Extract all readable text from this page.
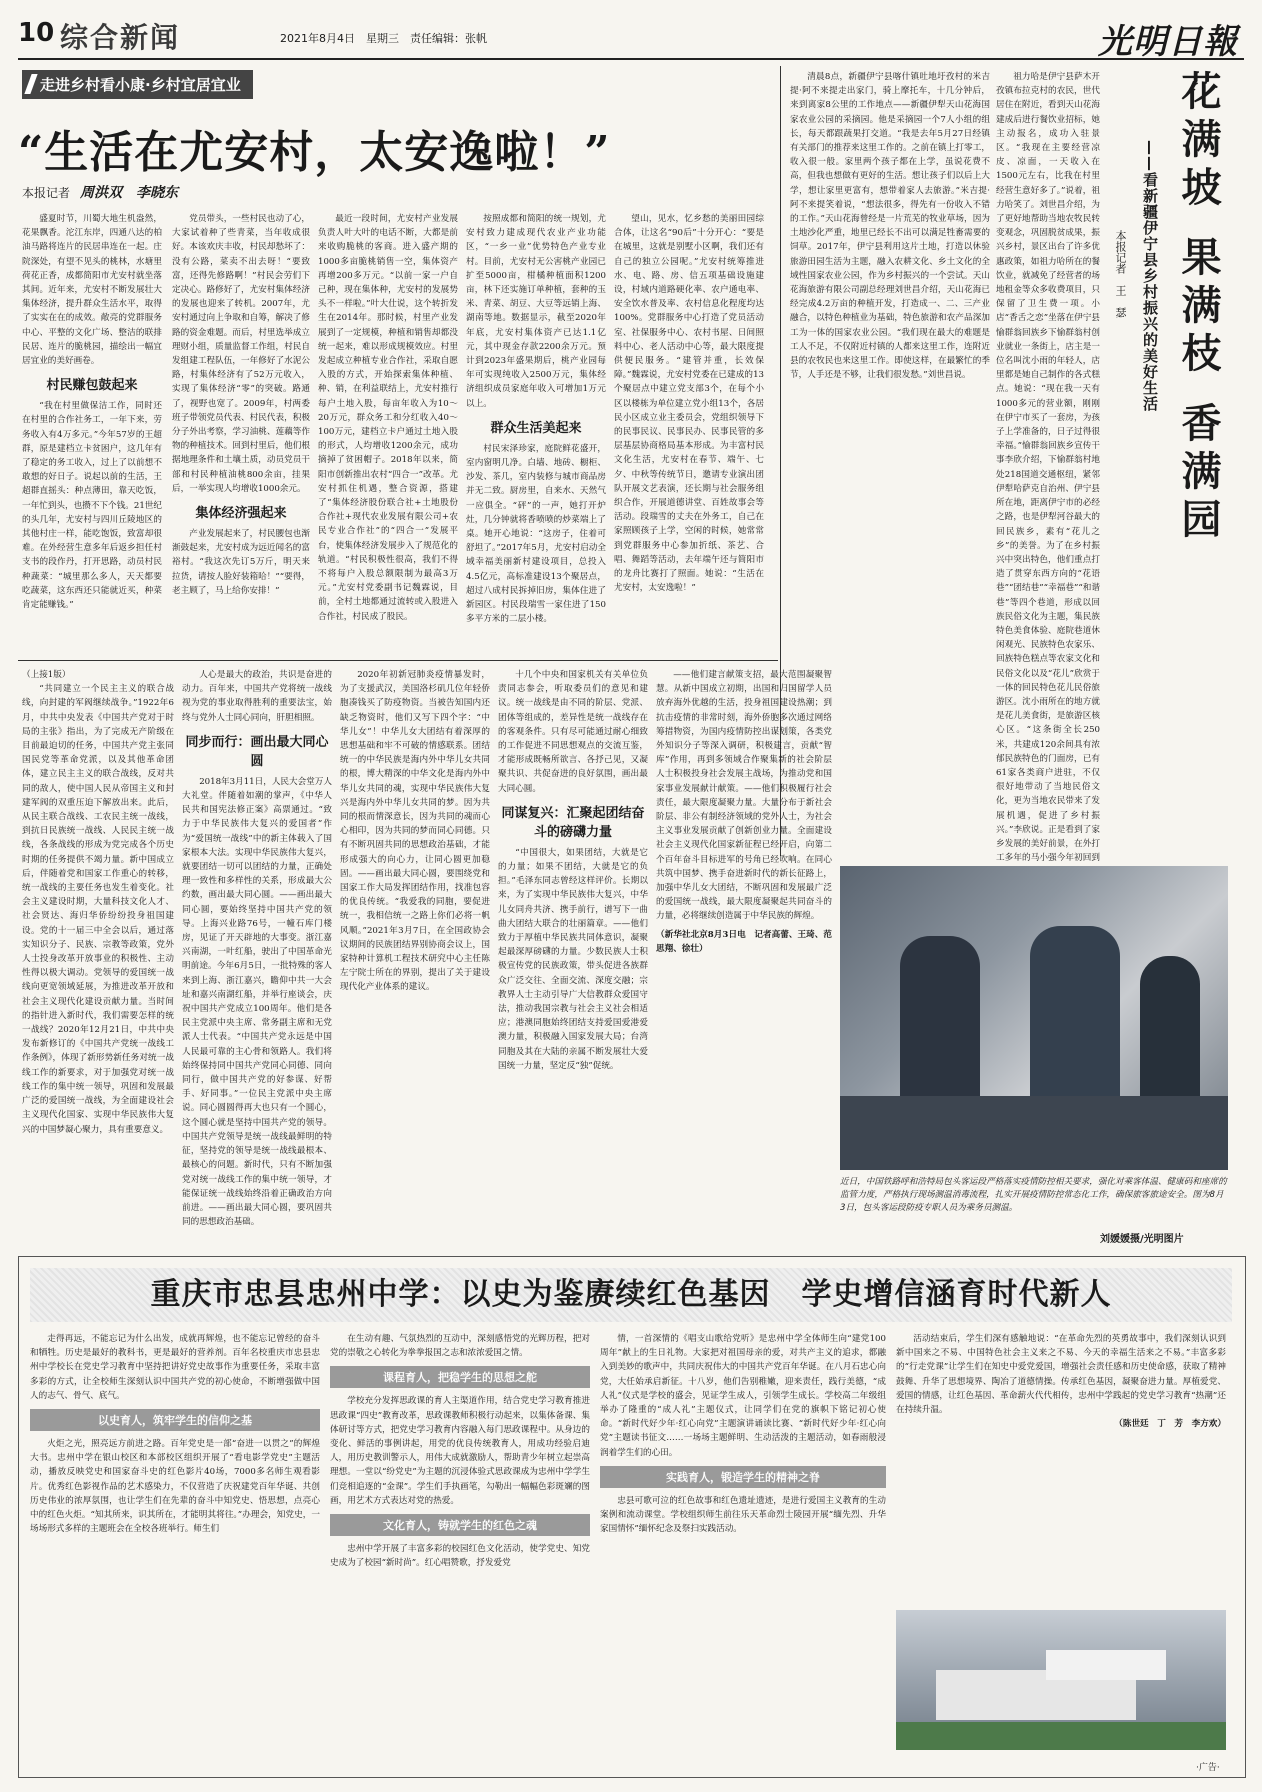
10 综合新闻	2021年8月4日　星期三　责任编辑：张帆	光明日報
走进乡村看小康·乡村宜居宜业
“生活在尤安村，太安逸啦！”
本报记者 周洪双　李晓东

盛夏时节，川蜀大地生机盎然，花果飘香。沱江东岸，四通八达的柏油马路将连片的民居串连在一起。庄院深处，有望不见头的桃林，水塘里荷花正香，成都简阳市尤安村就坐落其间。近年来，尤安村不断发展壮大集体经济，提升群众生活水平，取得了实实在在的成效。敞亮的党群服务中心、平整的文化广场、整洁的联排民居、连片的脆桃园，描绘出一幅宜居宜业的美好画卷。

村民赚包鼓起来

“我在村里做保洁工作，同时还在村里的合作社务工，一年下来，劳务收入有4万多元。”今年57岁的王超群，原是建档立卡贫困户，这几年有了稳定的务工收入，过上了以前想不敢想的好日子。说起以前的生活，王超群直摇头：种点薄田，靠天吃饭，一年忙到头，也攒不下个钱。21世纪的头几年，尤安村与四川丘陵地区的其他村庄一样，能吃饱饭，致富却很难。在外经营生意多年后返乡担任村支书的段作丹，打开思路，动员村民种蔬菜：“城里那么多人，天天都要吃蔬菜，这东西还只能就近买，种菜肯定能赚钱。”

党员带头，一些村民也动了心，大家试着种了些青菜，当年收成很好。本该欢庆丰收，村民却愁坏了：没有公路，菜卖不出去呀！“要致富，还得先修路啊！”村民会劳们下定决心。路修好了，尤安村集体经济的发展也迎来了转机。2007年，尤安村通过向上争取和自筹，解决了修路的资金难题。而后，村里选举成立理财小组，质量监督工作组，村民自发组建工程队伍，一年修好了水泥公路，村集体经济有了52万元收入，实现了集体经济“零”的突破。路通了，视野也宽了。2009年，村两委班子带领党员代表、村民代表，积极分子外出考察，学习油桃、莲藕等作物的种植技术。回到村里后，他们根据地理条件和土壤土质，动员党员干部和村民种植油桃800余亩，挂果后，一举实现人均增收1000余元。

集体经济强起来

产业发展起来了，村民腰包也渐渐鼓起来，尤安村成为远近闻名的富裕村。“我这次先订5万斤，明天来拉货，请按人脸好装箱哈！”“要得，老主顾了，马上给你安排！”

最近一段时间，尤安村产业发展负责人叶大叶的电话不断，大都是前来收购脆桃的客商。进入盛产期的1000多亩脆桃销售一空，集体资产再增200多万元。“以前一家一户自己种，现在集体种，尤安村的发展势头不一样啦。”叶大仕说，这个转折发生在2014年。那时候，村里产业发展到了一定规模，种植和销售却都没统一起来，难以形成规模效应。村里发起成立种植专业合作社，采取自愿入股的方式，开始探索集体种植、种、销，在利益联结上，尤安村推行每户土地入股，每亩年收入为10～20万元，群众务工和分红收入40～100万元，建档立卡户通过土地入股的形式，人均增收1200余元，成功摘掉了贫困帽子。2018年以来，简阳市创新推出农村“四合一”改革。尤安村抓住机遇，整合资源，搭建了“集体经济股份联合社+土地股份合作社+现代农业发展有限公司+农民专业合作社”的“四合一”发展平台，使集体经济发展步入了规范化的轨道。“村民积极性很高，我们不得不将每户入股总额限制为最高3万元。”尤安村党委副书记魏霖说，目前，全村土地都通过流转或入股进入合作社，村民成了股民。

按照成都和简阳的统一规划，尤安村致力建成现代农业产业功能区，“一乡一业”优势特色产业专业村。目前，尤安村无公害桃产业园已扩至5000亩，柑橘种植面积1200亩，林下还实施订单种植，套种的玉米、青菜、胡豆、大豆等远销上海、湖南等地。数据显示，截至2020年年底，尤安村集体资产已达1.1亿元，其中现金存款2200余万元。预计到2023年盛果期后，桃产业园每年可实现纯收入2500万元，集体经济组织成员家庭年收入可增加1万元以上。

群众生活美起来

村民宋泽珍家，庭院鲜花盛开，室内窗明几净。白墙、地砖、橱柜、沙发、茶几，室内装修与城市商品房并无二致。厨房里，自来水、天然气一应俱全。“砰”的一声，她打开炉灶，几分钟就将香喷喷的炒菜端上了桌。她开心地说：“这房子，住着可舒坦了。”2017年5月，尤安村启动全域幸福美丽新村建设项目，总投入4.5亿元，高标准建设13个聚居点，超过八成村民拆掉旧房，集体住进了新园区。村民段瑞雪一家住进了150多平方米的二层小楼。

望山，见水，忆乡愁的美丽田园综合体，让这名“90后”十分开心：“要是在城里，这就是别墅小区啊，我们还有自己的独立公园呢。”尤安村统筹推进水、电、路、房、信五项基础设施建设，村域内道路硬化率、农户通电率、安全饮水普及率、农村信息化程度均达100%。党群服务中心打造了党员活动室、社保服务中心、农村书屋、日间照料中心、老人活动中心等，最大限度提供便民服务。“建管并重，长效保障。”魏霖说，尤安村党委在已建成的13个聚居点中建立党支部3个，在每个小区以楼栋为单位建立党小组13个，各居民小区成立业主委员会，党组织领导下的民事民议、民事民办、民事民管的多层基层协商格局基本形成。为丰富村民文化生活，尤安村在春节、端午、七夕、中秋等传统节日，邀请专业演出团队开展文艺表演，还长期与社会服务组织合作，开展道德讲堂、百姓故事会等活动。段瑞雪的丈夫在外务工，自己在家照顾孩子上学，空闲的时候，她常常到党群服务中心参加折纸、茶艺、合唱、舞蹈等活动，去年端午还与简阳市的龙舟比赛打了照面。她说：“生活在尤安村，太安逸啦！”

清晨8点，新疆伊宁县喀什镇吐地圩孜村的米吉提·阿不来提走出家门，骑上摩托车，十几分钟后，来到离家8公里的工作地点——新疆伊犁天山花海国家农业公园的采摘园。他是采摘园一个7人小组的组长，每天都跟蔬果打交道。“我是去年5月27日经镇有关部门的推荐来这里工作的。之前在镇上打零工，收入很一般。家里两个孩子都在上学，虽说花费不高，但我也想做有更好的生活。想让孩子们以后上大学，想让家里更富有，想带着家人去旅游。”米吉提·阿不来提笑着说，“想法很多，得先有一份收入不错的工作。”天山花海曾经是一片荒芜的牧业草场，因为土地沙化严重，地里已经长不出可以满足牲畜需要的饲草。2017年，伊宁县利用这片土地，打造以休验旅游田园生活为主题，融入农耕文化、乡土文化的全域性国家农业公园，作为乡村振兴的一个尝试。天山花海旅游有限公司副总经理刘世昌介绍，天山花海已经完成4.2万亩的种植开发，打造成一、二、三产业融合，以特色种植业为基础，特色旅游和农产品深加工为一体的国家农业公园。“我们现在最大的难题是工人不足，不仅附近村镇的人都来这里工作，连附近县的农牧民也来这里工作。即使这样，在最繁忙的季节，人手还是不够，让我们很发愁。”刘世昌说。

花满坡
果满枝
香满园
——看新疆伊宁县乡村振兴的美好生活
本报记者　王　瑟

祖力哈是伊宁县萨木开孜镇布拉克村的农民，世代居住在附近，看到天山花海建成后进行餐饮业招标，她主动报名，成功入驻景区。“我现在主要经营凉皮、凉面，一天收入在1500元左右，比我在村里经营生意好多了。”说着，祖力哈笑了。刘世昌介绍，为了更好地帮助当地农牧民转变观念，巩固脱贫成果，振兴乡村，景区出台了许多优惠政策，如祖力哈所在的餐饮业，就减免了经营者的场地租金等众多收费项目，只保留了卫生费一项。小店“香舌之恋”坐落在伊宁县愉群翁回族乡下愉群翁村创业就业一条街上，店主是一位名叫沈小雨的年轻人，店里都是她自己制作的各式糕点。她说：“现在我一天有1000多元的营业额，刚刚在伊宁市买了一套房，为孩子上学准备的，日子过得很幸福。”愉群翁回族乡宣传干事李欣介绍，下愉群翁村地处218国道交通枢纽，紧邻伊犁哈萨克自治州、伊宁县所在地，距离伊宁市的必经之路，也是伊犁河谷最大的回民族乡，素有“花儿之乡”的美誉。为了在乡村振兴中突出特色，他们重点打造了贯穿东西方向的“花语巷”“团结巷”“幸福巷”“和谐巷”等四个巷道，形成以回族民俗文化为主题，集民族特色美食体验、庭院巷道休闲观光、民族特色农家乐、回族特色糕点等农家文化和民俗文化以及“花儿”欣赏于一体的回民特色花儿民俗旅游区。沈小雨所在的地方就是花儿美食街，是旅游区核心区。“这条街全长250米，共建成120余间具有浓郁民族特色的门面房，已有61家各类商户进驻，不仅很好地带动了当地民俗文化，更为当地农民带来了发展机遇，促进了乡村振兴。”李欣说。正是看到了家乡发展的美好前景，在外打工多年的马小强今年初回到

近日，中国铁路呼和浩特局包头客运段严格落实疫情防控相关要求，强化对乘客体温、健康码和座席的监管力度，严格执行现场测温消毒流程，扎实开展疫情防控常态化工作，确保旅客旅途安全。图为8月3日，包头客运段防疫专职人员为乘务员测温。
刘媛媛摄/光明图片
（上接1版）

“共同建立一个民主主义的联合战线，向封建的军阀继续战争。”1922年6月，中共中央发表《中国共产党对于时局的主张》指出，为了完成无产阶级在目前最迫切的任务，中国共产党主张同国民党等革命党派，以及其他革命团体，建立民主主义的联合战线，反对共同的敌人，使中国人民从帝国主义和封建军阀的双重压迫下解放出来。此后，从民主联合战线、工农民主统一战线，到抗日民族统一战线、人民民主统一战线，各条战线的形成为党完成各个历史时期的任务提供不竭力量。新中国成立后，伴随着党和国家工作重心的转移，统一战线的主要任务也发生着变化。社会主义建设时期，大量科技文化人才、社会贤达、海归华侨纷纷投身祖国建设。党的十一届三中全会以后，通过落实知识分子、民族、宗教等政策，党外人士投身改革开放事业的积极性、主动性得以极大调动。党领导的爱国统一战线向更宽领域延展，为推进改革开放和社会主义现代化建设贡献力量。当时间的指针进入新时代，我们需要怎样的统一战线？2020年12月21日，中共中央发布新修订的《中国共产党统一战线工作条例》，体现了新形势新任务对统一战线工作的新要求，对于加强党对统一战线工作的集中统一领导，巩固和发展最广泛的爱国统一战线，为全面建设社会主义现代化国家、实现中华民族伟大复兴的中国梦凝心聚力，具有重要意义。

人心是最大的政治，共识是奋进的动力。百年来，中国共产党将统一战线视为党的事业取得胜利的重要法宝，始终与党外人士同心同向，肝胆相照。

同步而行：画出最大同心圆

2018年3月11日，人民大会堂万人大礼堂。伴随着如潮的掌声，《中华人民共和国宪法修正案》高票通过。“致力于中华民族伟大复兴的爱国者”作为“爱国统一战线”中的新主体载入了国家根本大法。实现中华民族伟大复兴，就要团结一切可以团结的力量，正确处理一致性和多样性的关系，形成最大公约数，画出最大同心圆。——画出最大同心圆，要始终坚持中国共产党的领导。上海兴业路76号，一幢石库门楼房，见证了开天辟地的大事变。浙江嘉兴南湖，一叶红船，驶出了中国革命光明前途。今年6月5日，一批特殊的客人来到上海、浙江嘉兴，瞻仰中共一大会址和嘉兴南湖红船，并举行座谈会，庆祝中国共产党成立100周年。他们是各民主党派中央主席、常务副主席和无党派人士代表。“中国共产党永远是中国人民最可靠的主心骨和领路人。我们将始终保持同中国共产党同心同德、同向同行，做中国共产党的好参谋、好帮手、好同事。”一位民主党派中央主席说。同心圆圆得再大也只有一个圆心，这个圆心就是坚持中国共产党的领导。中国共产党领导是统一战线最鲜明的特征，坚持党的领导是统一战线最根本、最核心的问题。新时代，只有不断加强党对统一战线工作的集中统一领导，才能保证统一战线始终沿着正确政治方向前进。——画出最大同心圆，要巩固共同的思想政治基础。

2020年初新冠肺炎疫情暴发时，为了支援武汉，美国洛杉矶几位年轻侨胞凑钱买了防疫物资。当被告知国内还缺乏物资时，他们又写下四个字：“中华儿女”！中华儿女大团结有着深厚的思想基础和牢不可破的情感联系。团结统一的中华民族是海内外中华儿女共同的根，博大精深的中华文化是海内外中华儿女共同的魂，实现中华民族伟大复兴是海内外中华儿女共同的梦。因为共同的根而情深意长，因为共同的魂而心心相印，因为共同的梦而同心同德。只有不断巩固共同的思想政治基础，才能形成强大的向心力，让同心圆更加稳固。——画出最大同心圆，要围绕党和国家工作大局发挥团结作用，找准包容的优良传统。“我爱我的同胞，要促进统一，我相信统一之路上你们必将一帆风顺。”2021年3月7日，在全国政协会议期间的民族团结界别协商会议上，国家特种计算机工程技术研究中心主任陈左宁院士所在的界别，提出了关于建设现代化产业体系的建议。

十几个中央和国家机关有关单位负责同志参会，听取委员们的意见和建议。统一战线是由不同的阶层、党派、团体等组成的，差异性是统一战线存在的客观条件。只有尽可能通过耐心细致的工作促进不同思想观点的交流互鉴，才能形成既畅所欲言、各抒己见，又凝聚共识、共促奋进的良好氛围，画出最大同心圆。

同谋复兴：汇聚起团结奋斗的磅礴力量

“中国很大，如果团结，大就是它的力量；如果不团结，大就是它的负担。”毛泽东同志曾经这样评价。长期以来，为了实现中华民族伟大复兴，中华儿女同舟共济、携手前行，谱写下一曲曲大团结大联合的壮丽篇章。——他们致力于厚植中华民族共同体意识，凝聚起最深厚磅礴的力量。少数民族人士积极宣传党的民族政策，带头促进各族群众广泛交往、全面交流、深度交融；宗教界人士主动引导广大信教群众爱国守法，推动我国宗教与社会主义社会相适应；港澳同胞始终团结支持爱国爱港爱澳力量，积极融入国家发展大局；台湾同胞及其在大陆的亲属不断发展壮大爱国统一力量，坚定反“独”促统。

——他们建言献策支招，最大范围凝聚智慧。从新中国成立初期，出国和归国留学人员放弃海外优越的生活，投身祖国建设热潮；到抗击疫情的非常时刻，海外侨胞多次通过网络筹措物资，为国内疫情防控出谋划策，各类党外知识分子等深入调研，积极建言，贡献“智库”作用，再到多领域合作聚集新的社会阶层人士积极投身社会发展主战场，为推动党和国家事业发展献计献策。——他们积极履行社会责任，最大限度凝聚力量。大量分布于新社会阶层、非公有制经济领域的党外人士，为社会主义事业发展贡献了创新创业力量。全面建设社会主义现代化国家新征程已经开启，向第二个百年奋斗目标进军的号角已经吹响。在同心共筑中国梦、携手奋进新时代的新长征路上，加强中华儿女大团结，不断巩固和发展最广泛的爱国统一战线，最大限度凝聚起共同奋斗的力量，必将继续创造属于中华民族的辉煌。

（新华社北京8月3日电　记者高蕾、王琦、范思翔、徐壮）
重庆市忠县忠州中学：以史为鉴赓续红色基因　学史增信涵育时代新人

走得再远，不能忘记为什么出发，成就再辉煌，也不能忘记曾经的奋斗和牺牲。历史是最好的教科书，更是最好的营养剂。百年名校重庆市忠县忠州中学校长在党史学习教育中坚持把讲好党史故事作为重要任务，采取丰富多彩的方式，让全校师生深刻认识中国共产党的初心使命，不断增强做中国人的志气、骨气、底气。

以史育人，筑牢学生的信仰之基

火炬之光，照亮远方前进之路。百年党史是一部“奋进一以贯之”的辉煌大书。忠州中学在银山校区和本部校区组织开展了“看电影学党史”主题活动，播放反映党史和国家奋斗史的红色影片40场，7000多名师生观看影片。优秀红色影视作品的艺术感染力，不仅营造了庆祝建党百年华诞、共创历史伟业的浓厚氛围，也让学生们在先辈的奋斗中知党史、悟思想，点亮心中的红色火炬。“知其所来，识其所在，才能明其将往。”办理会，知党史，一场场形式多样的主题班会在全校各班举行。师生们

在生动有趣、气氛热烈的互动中，深刻感悟党的光辉历程，把对党的崇敬之心转化为拳拳报国之志和浓浓爱国之情。

课程育人，把稳学生的思想之舵

学校充分发挥思政课的育人主渠道作用，结合党史学习教育推进思政课“四史”教育改革，思政课教师积极行动起来，以集体备课、集体研讨等方式，把党史学习教育内容融入每门思政课程中。从身边的变化、鲜活的事例讲起，用党的优良传统教育人，用成功经验启迪人，用历史教训警示人，用伟大成就激励人，帮助青少年树立起崇高理想。一堂以“纷党史”为主题的沉浸体验式思政课成为忠州中学学生们竞相追逐的“金课”。学生们手执画笔，勾勒出一幅幅色彩斑斓的图画，用艺术方式表达对党的热爱。

文化育人，铸就学生的红色之魂

忠州中学开展了丰富多彩的校园红色文化活动，使学党史、知党史成为了校园“新时尚”。红心唱赞歌，抒发爱党

情，一首深情的《唱支山歌给党听》是忠州中学全体师生向“建党100周年”献上的生日礼物。大家把对祖国母亲的爱，对共产主义的追求，都融入到美妙的歌声中，共同庆祝伟大的中国共产党百年华诞。在八月石忠心向党，大任始承启新征。十八岁，他们告别稚嫩，迎来责任，践行美德，“成人礼”仪式是学校的盛会，见证学生成人，引领学生成长。学校高二年级组举办了隆重的“成人礼”主题仪式，让同学们在党的旗帜下铭记初心使命。“新时代好少年·红心向党”主题演讲诵读比赛、“新时代好少年·红心向党”主题读书征文……一场场主题鲜明、生动活泼的主题活动，如春雨般浸润着学生们的心田。

实践育人，锻造学生的精神之脊

忠县可歌可泣的红色故事和红色遗址遗迹，是进行爱国主义教育的生动案例和流动课堂。学校组织师生前往乐天革命烈士陵园开展“缅先烈、升华家国情怀”缅怀纪念及祭扫实践活动。

活动结束后，学生们深有感触地说：“在革命先烈的英勇故事中，我们深刻认识到新中国来之不易、中国特色社会主义来之不易、今天的幸福生活来之不易。”丰富多彩的“行走党课”让学生们在知史中爱党爱国，增强社会责任感和历史使命感，获取了精神鼓舞、升华了思想境界、陶冶了道德情操。传承红色基因，凝聚奋进力量。厚植爱党、爱国的情感，让红色基因、革命薪火代代相传，忠州中学践起的党史学习教育“热潮”还在持续升温。

（陈世廷　丁　芳　李方欢）
·广告·
